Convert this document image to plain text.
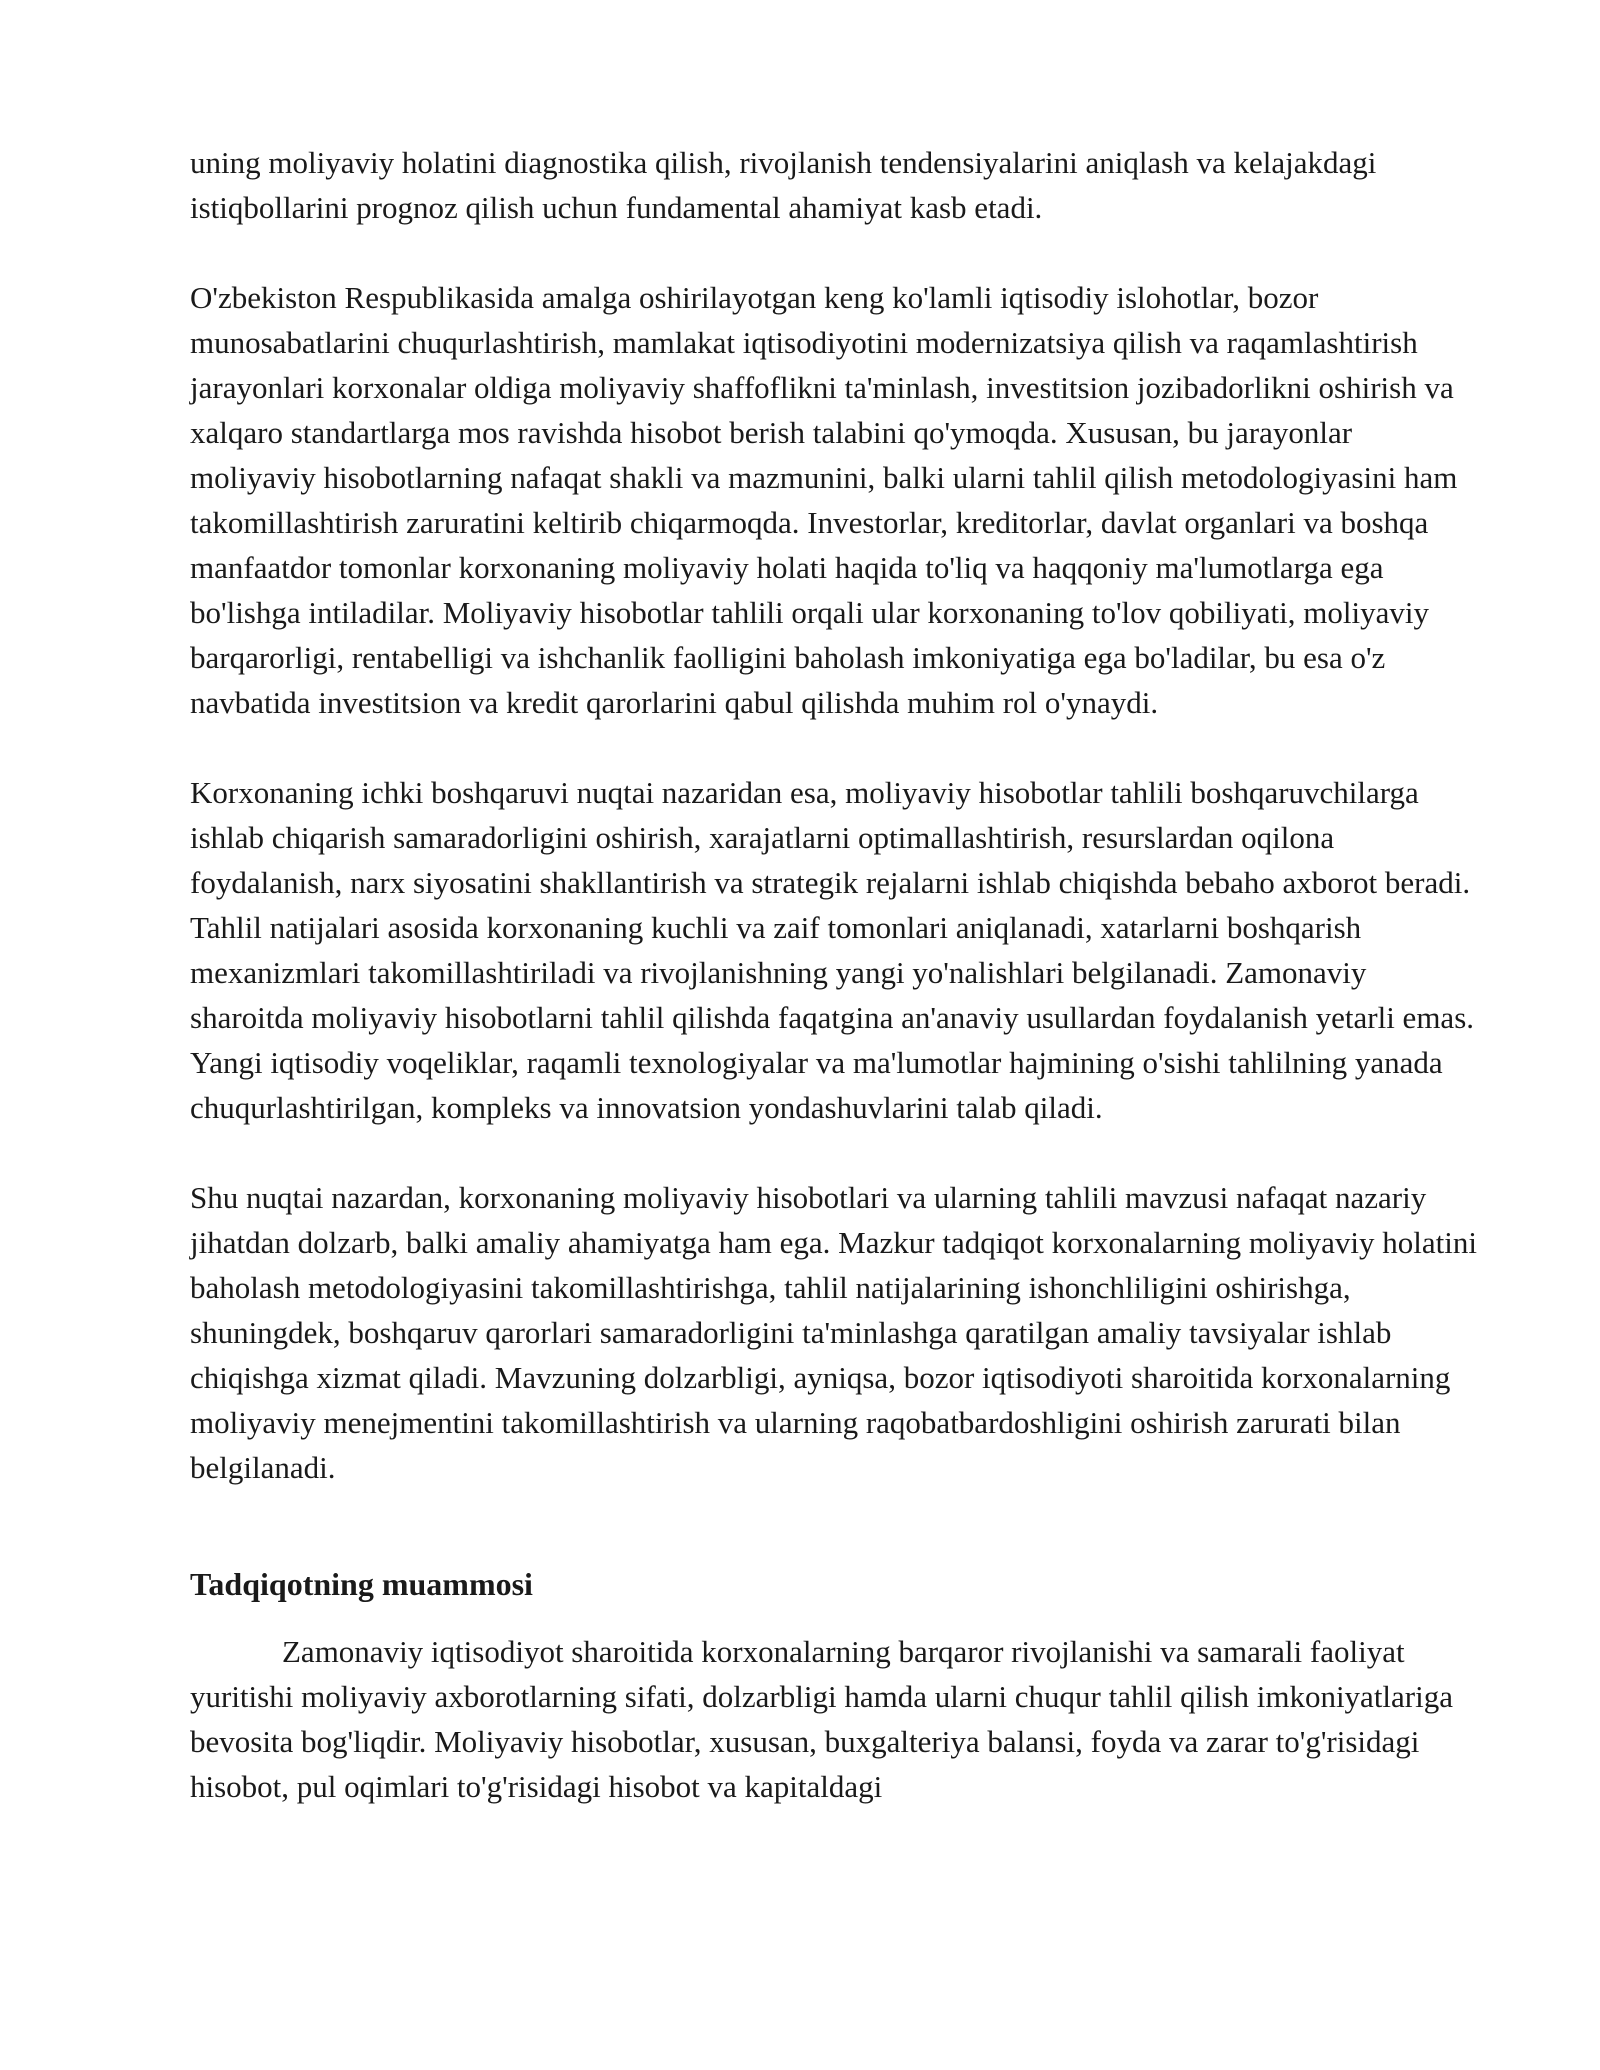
uning moliyaviy holatini diagnostika qilish, rivojlanish tendensiyalarini aniqlash va kelajakdagi istiqbollarini prognoz qilish uchun fundamental ahamiyat kasb etadi.

O'zbekiston Respublikasida amalga oshirilayotgan keng ko'lamli iqtisodiy islohotlar, bozor munosabatlarini chuqurlashtirish, mamlakat iqtisodiyotini modernizatsiya qilish va raqamlashtirish jarayonlari korxonalar oldiga moliyaviy shaffoflikni ta'minlash, investitsion jozibadorlikni oshirish va xalqaro standartlarga mos ravishda hisobot berish talabini qo'ymoqda. Xususan, bu jarayonlar moliyaviy hisobotlarning nafaqat shakli va mazmunini, balki ularni tahlil qilish metodologiyasini ham takomillashtirish zaruratini keltirib chiqarmoqda. Investorlar, kreditorlar, davlat organlari va boshqa manfaatdor tomonlar korxonaning moliyaviy holati haqida to'liq va haqqoniy ma'lumotlarga ega bo'lishga intiladilar. Moliyaviy hisobotlar tahlili orqali ular korxonaning to'lov qobiliyati, moliyaviy barqarorligi, rentabelligi va ishchanlik faolligini baholash imkoniyatiga ega bo'ladilar, bu esa o'z navbatida investitsion va kredit qarorlarini qabul qilishda muhim rol o'ynaydi.

Korxonaning ichki boshqaruvi nuqtai nazaridan esa, moliyaviy hisobotlar tahlili boshqaruvchilarga ishlab chiqarish samaradorligini oshirish, xarajatlarni optimallashtirish, resurslardan oqilona foydalanish, narx siyosatini shakllantirish va strategik rejalarni ishlab chiqishda bebaho axborot beradi. Tahlil natijalari asosida korxonaning kuchli va zaif tomonlari aniqlanadi, xatarlarni boshqarish mexanizmlari takomillashtiriladi va rivojlanishning yangi yo'nalishlari belgilanadi. Zamonaviy sharoitda moliyaviy hisobotlarni tahlil qilishda faqatgina an'anaviy usullardan foydalanish yetarli emas. Yangi iqtisodiy voqeliklar, raqamli texnologiyalar va ma'lumotlar hajmining o'sishi tahlilning yanada chuqurlashtirilgan, kompleks va innovatsion yondashuvlarini talab qiladi.

Shu nuqtai nazardan, korxonaning moliyaviy hisobotlari va ularning tahlili mavzusi nafaqat nazariy jihatdan dolzarb, balki amaliy ahamiyatga ham ega. Mazkur tadqiqot korxonalarning moliyaviy holatini baholash metodologiyasini takomillashtirishga, tahlil natijalarining ishonchliligini oshirishga, shuningdek, boshqaruv qarorlari samaradorligini ta'minlashga qaratilgan amaliy tavsiyalar ishlab chiqishga xizmat qiladi. Mavzuning dolzarbligi, ayniqsa, bozor iqtisodiyoti sharoitida korxonalarning moliyaviy menejmentini takomillashtirish va ularning raqobatbardoshligini oshirish zarurati bilan belgilanadi.

Tadqiqotning muammosi

Zamonaviy iqtisodiyot sharoitida korxonalarning barqaror rivojlanishi va samarali faoliyat yuritishi moliyaviy axborotlarning sifati, dolzarbligi hamda ularni chuqur tahlil qilish imkoniyatlariga bevosita bog'liqdir. Moliyaviy hisobotlar, xususan, buxgalteriya balansi, foyda va zarar to'g'risidagi hisobot, pul oqimlari to'g'risidagi hisobot va kapitaldagi
